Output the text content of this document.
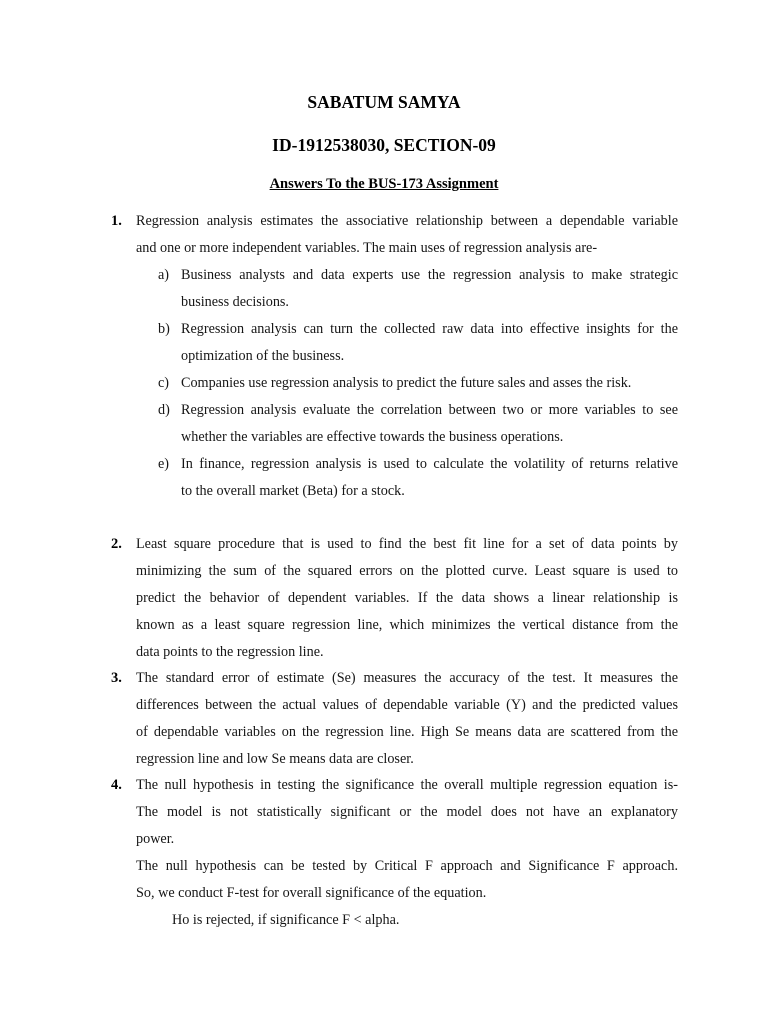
SABATUM SAMYA
ID-1912538030, SECTION-09
Answers To the BUS-173 Assignment
1. Regression analysis estimates the associative relationship between a dependable variable
and one or more independent variables. The main uses of regression analysis are-
a) Business analysts and data experts use the regression analysis to make strategic
business decisions.
b) Regression analysis can turn the collected raw data into effective insights for the
optimization of the business.
c) Companies use regression analysis to predict the future sales and asses the risk.
d) Regression analysis evaluate the correlation between two or more variables to see
whether the variables are effective towards the business operations.
e) In finance, regression analysis is used to calculate the volatility of returns relative
to the overall market (Beta) for a stock.
2. Least square procedure that is used to find the best fit line for a set of data points by
minimizing the sum of the squared errors on the plotted curve. Least square is used to
predict the behavior of dependent variables. If the data shows a linear relationship is
known as a least square regression line, which minimizes the vertical distance from the
data points to the regression line.
3. The standard error of estimate (Se) measures the accuracy of the test. It measures the
differences between the actual values of dependable variable (Y) and the predicted values
of dependable variables on the regression line. High Se means data are scattered from the
regression line and low Se means data are closer.
4. The null hypothesis in testing the significance the overall multiple regression equation is-
The model is not statistically significant or the model does not have an explanatory
power.
The null hypothesis can be tested by Critical F approach and Significance F approach.
So, we conduct F-test for overall significance of the equation.
Ho is rejected, if significance F < alpha.
